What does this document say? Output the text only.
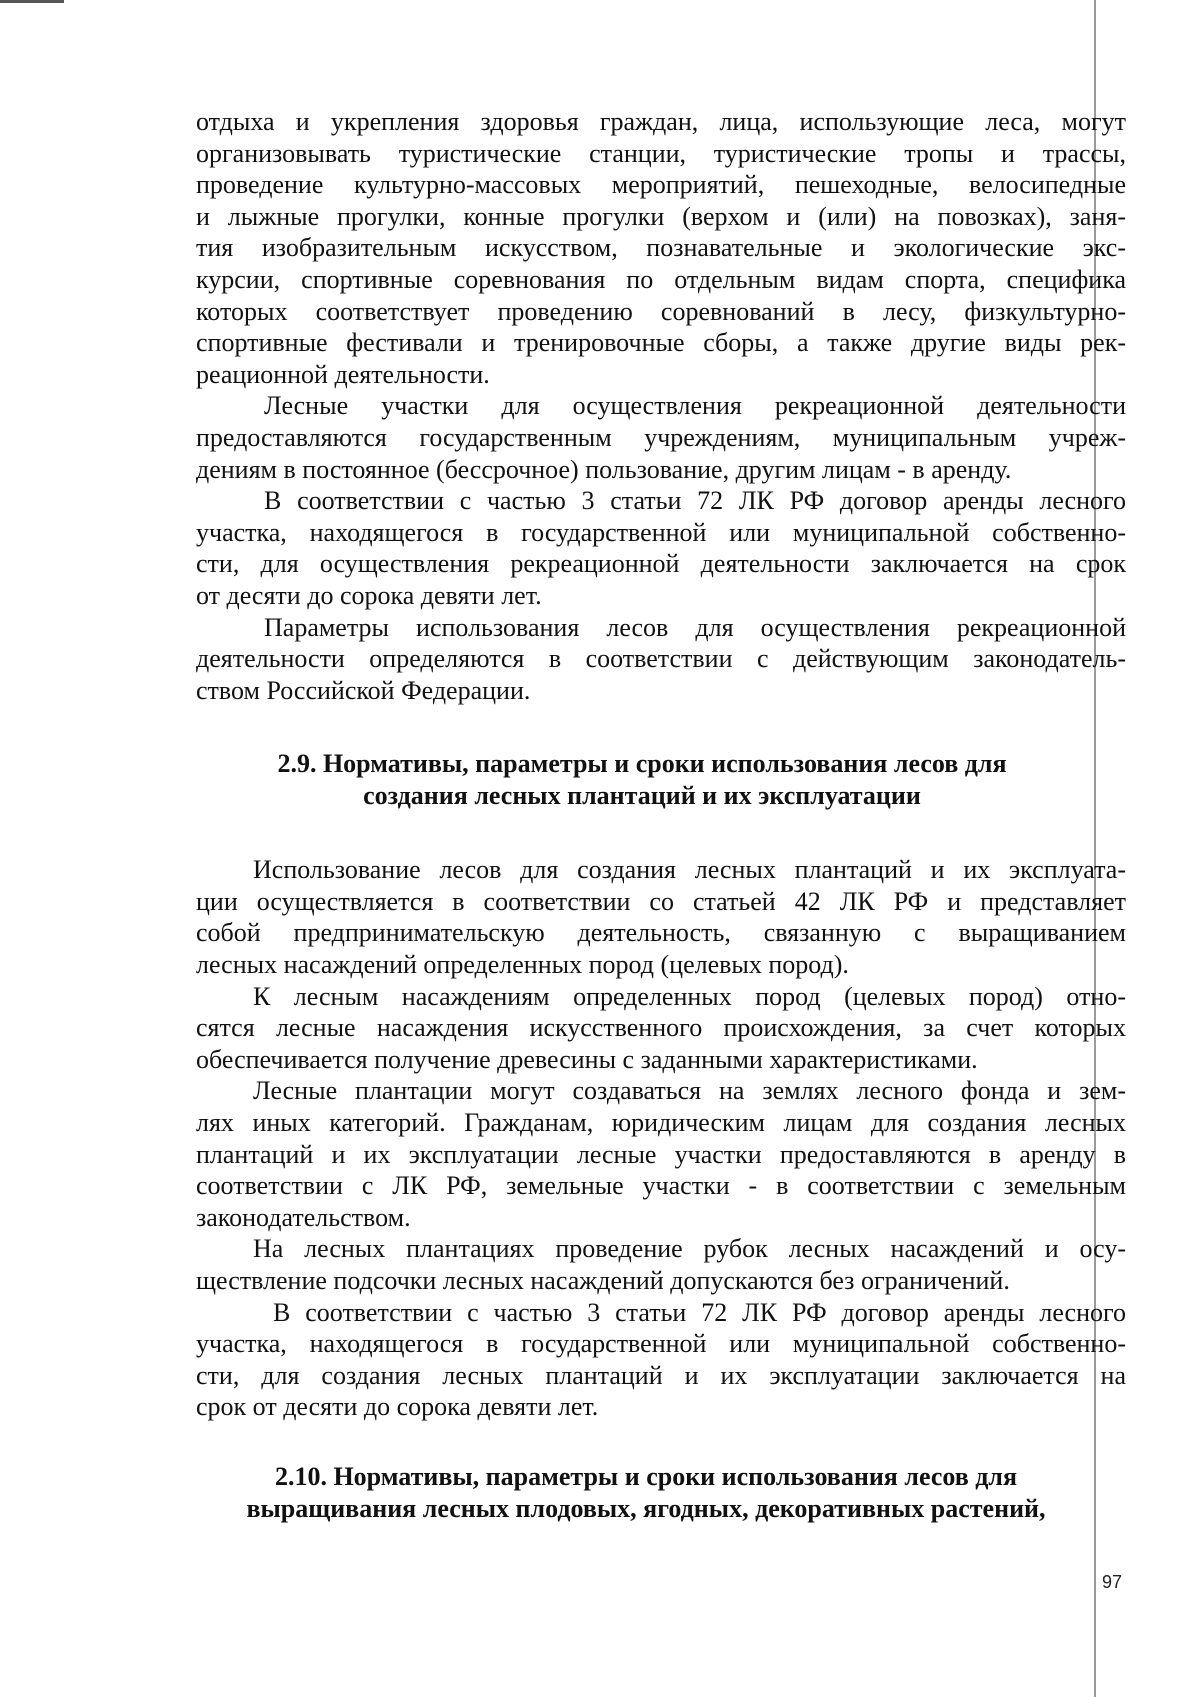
отдыха и укрепления здоровья граждан, лица, использующие леса, могут
организовывать туристические станции, туристические тропы и трассы,
проведение культурно-массовых мероприятий, пешеходные, велосипедные
и лыжные прогулки, конные прогулки (верхом и (или) на повозках), заня-
тия изобразительным искусством, познавательные и экологические экс-
курсии, спортивные соревнования по отдельным видам спорта, специфика
которых соответствует проведению соревнований в лесу, физкультурно-
спортивные фестивали и тренировочные сборы, а также другие виды рек-
реационной деятельности.

Лесные участки для осуществления рекреационной деятельности
предоставляются государственным учреждениям, муниципальным учреж-
дениям в постоянное (бессрочное) пользование, другим лицам - в аренду.

В соответствии с частью 3 статьи 72 ЛК РФ договор аренды лесного
участка, находящегося в государственной или муниципальной собственно-
сти, для осуществления рекреационной деятельности заключается на срок
от десяти до сорока девяти лет.

Параметры использования лесов для осуществления рекреационной
деятельности определяются в соответствии с действующим законодатель-
ством Российской Федерации.

2.9. Нормативы, параметры и сроки использования лесов для
создания лесных плантаций и их эксплуатации

Использование лесов для создания лесных плантаций и их эксплуата-
ции осуществляется в соответствии со статьей 42 ЛК РФ и представляет
собой предпринимательскую деятельность, связанную с выращиванием
лесных насаждений определенных пород (целевых пород).

К лесным насаждениям определенных пород (целевых пород) отно-
сятся лесные насаждения искусственного происхождения, за счет которых
обеспечивается получение древесины с заданными характеристиками.

Лесные плантации могут создаваться на землях лесного фонда и зем-
лях иных категорий. Гражданам, юридическим лицам для создания лесных
плантаций и их эксплуатации лесные участки предоставляются в аренду в
соответствии с ЛК РФ, земельные участки - в соответствии с земельным
законодательством.

На лесных плантациях проведение рубок лесных насаждений и осу-
ществление подсочки лесных насаждений допускаются без ограничений.

В соответствии с частью 3 статьи 72 ЛК РФ договор аренды лесного
участка, находящегося в государственной или муниципальной собственно-
сти, для создания лесных плантаций и их эксплуатации заключается на
срок от десяти до сорока девяти лет.

2.10. Нормативы, параметры и сроки использования лесов для
выращивания лесных плодовых, ягодных, декоративных растений,
97
